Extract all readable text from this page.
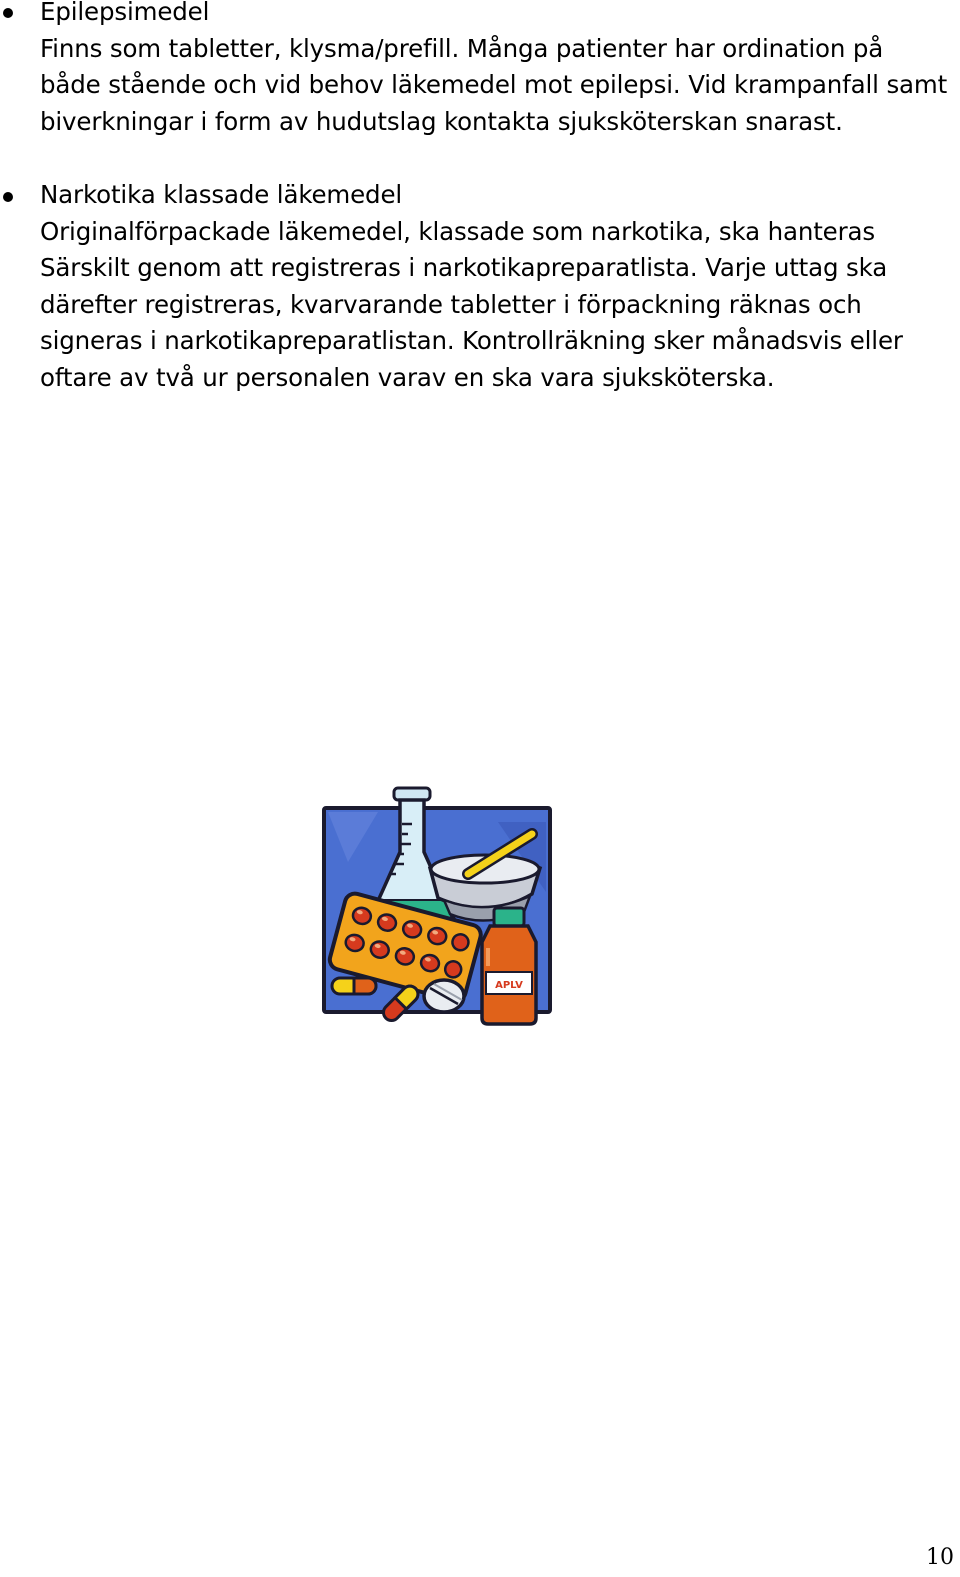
Epilepsimedel
Finns som tabletter, klysma/prefill. Många patienter har ordination på
både stående och vid behov läkemedel mot epilepsi. Vid krampanfall samt
biverkningar i form av hudutslag kontakta sjuksköterskan snarast.
Narkotika klassade läkemedel
Originalförpackade läkemedel, klassade som narkotika, ska hanteras
Särskilt genom att registreras i narkotikapreparatlista. Varje uttag ska
därefter registreras, kvarvarande tabletter i förpackning räknas och
signeras i narkotikapreparatlistan. Kontrollräkning sker månadsvis eller
oftare av två ur personalen varav en ska vara sjuksköterska.
APLV
10
